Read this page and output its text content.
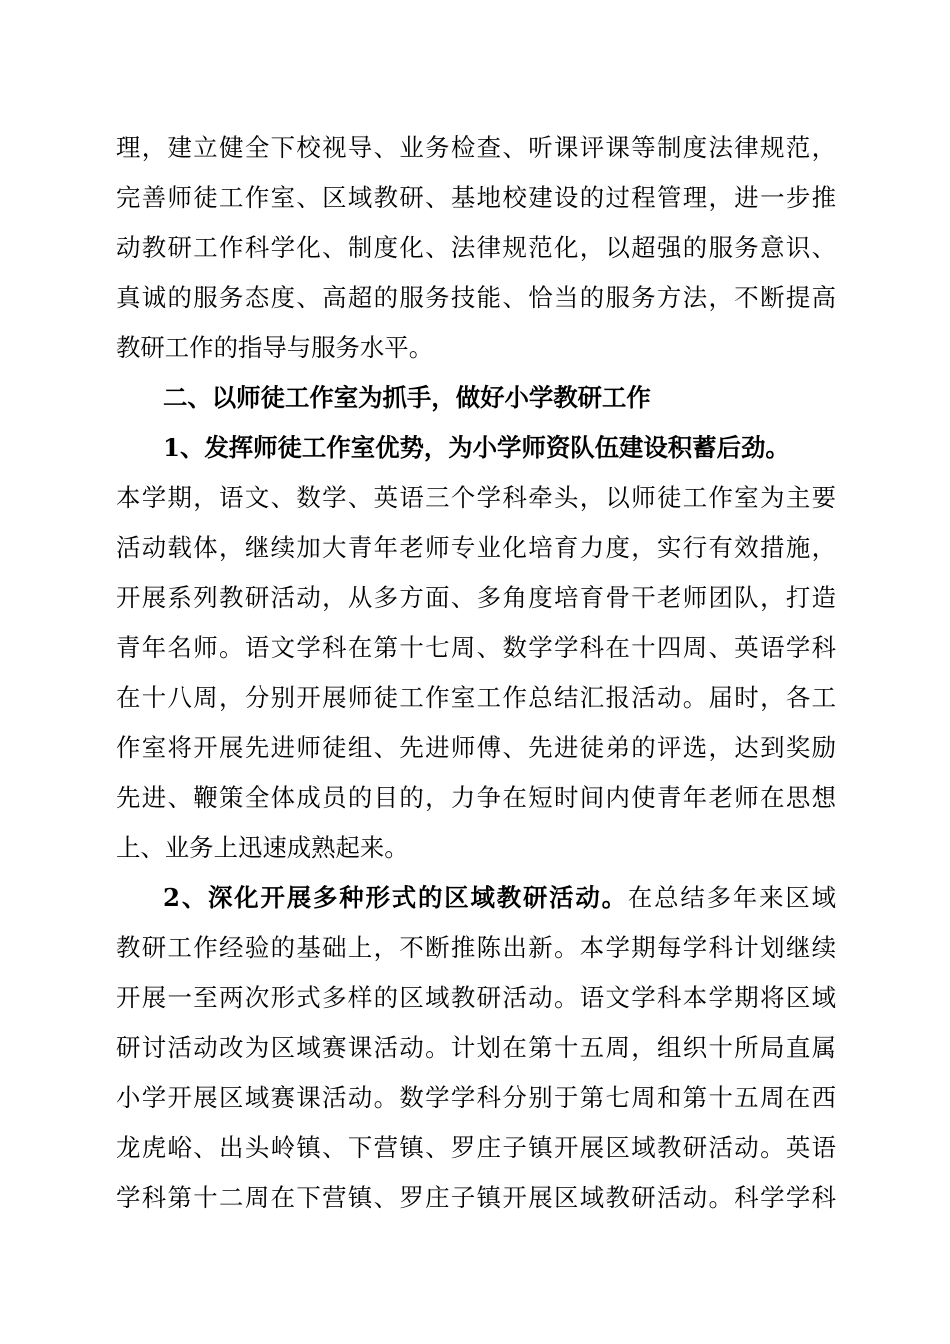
理，建立健全下校视导、业务检查、听课评课等制度法律规范，
完善师徒工作室、区域教研、基地校建设的过程管理，进一步推
动教研工作科学化、制度化、法律规范化，以超强的服务意识、
真诚的服务态度、高超的服务技能、恰当的服务方法，不断提高
教研工作的指导与服务水平。
二、以师徒工作室为抓手，做好小学教研工作
1、发挥师徒工作室优势，为小学师资队伍建设积蓄后劲。
本学期，语文、数学、英语三个学科牵头，以师徒工作室为主要
活动载体，继续加大青年老师专业化培育力度，实行有效措施，
开展系列教研活动，从多方面、多角度培育骨干老师团队，打造
青年名师。语文学科在第十七周、数学学科在十四周、英语学科
在十八周，分别开展师徒工作室工作总结汇报活动。届时，各工
作室将开展先进师徒组、先进师傅、先进徒弟的评选，达到奖励
先进、鞭策全体成员的目的，力争在短时间内使青年老师在思想
上、业务上迅速成熟起来。
2、深化开展多种形式的区域教研活动。在总结多年来区域
教研工作经验的基础上，不断推陈出新。本学期每学科计划继续
开展一至两次形式多样的区域教研活动。语文学科本学期将区域
研讨活动改为区域赛课活动。计划在第十五周，组织十所局直属
小学开展区域赛课活动。数学学科分别于第七周和第十五周在西
龙虎峪、出头岭镇、下营镇、罗庄子镇开展区域教研活动。英语
学科第十二周在下营镇、罗庄子镇开展区域教研活动。科学学科
